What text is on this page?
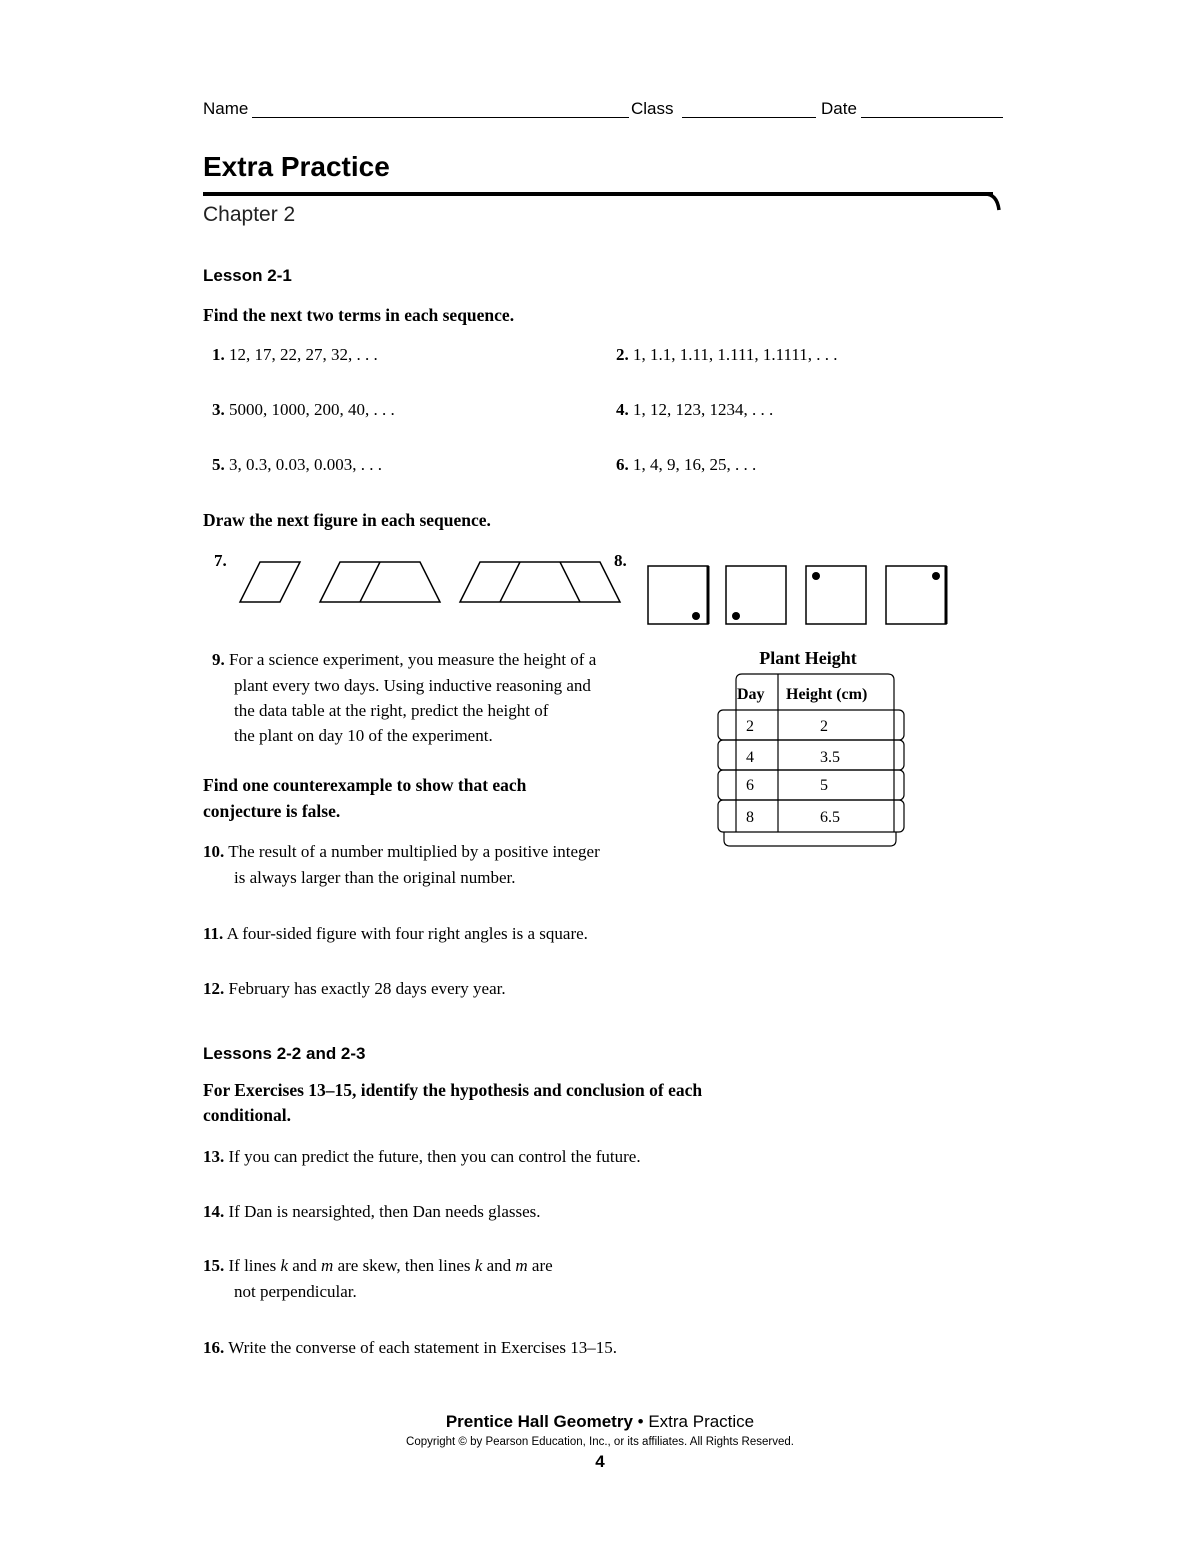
Name	Class	Date
Extra Practice
Chapter 2
Lesson 2-1
Find the next two terms in each sequence.
1. 12, 17, 22, 27, 32, . . .	2. 1, 1.1, 1.11, 1.111, 1.1111, . . .
3. 5000, 1000, 200, 40, . . .	4. 1, 12, 123, 1234, . . .
5. 3, 0.3, 0.03, 0.003, . . .	6. 1, 4, 9, 16, 25, . . .
Draw the next figure in each sequence.
7.	8.
9. For a science experiment, you measure the height of a
plant every two days. Using inductive reasoning and
the data table at the right, predict the height of
the plant on day 10 of the experiment.
Plant Height
Day Height (cm)
2	2
4	3.5
6	5
8	6.5
Find one counterexample to show that each
conjecture is false.
10. The result of a number multiplied by a positive integer
is always larger than the original number.
11. A four-sided figure with four right angles is a square.
12. February has exactly 28 days every year.
Lessons 2-2 and 2-3
For Exercises 13–15, identify the hypothesis and conclusion of each
conditional.
13. If you can predict the future, then you can control the future.
14. If Dan is nearsighted, then Dan needs glasses.
15. If lines k and m are skew, then lines k and m are
not perpendicular.
16. Write the converse of each statement in Exercises 13–15.
Prentice Hall Geometry • Extra Practice
Copyright © by Pearson Education, Inc., or its affiliates. All Rights Reserved.
4
